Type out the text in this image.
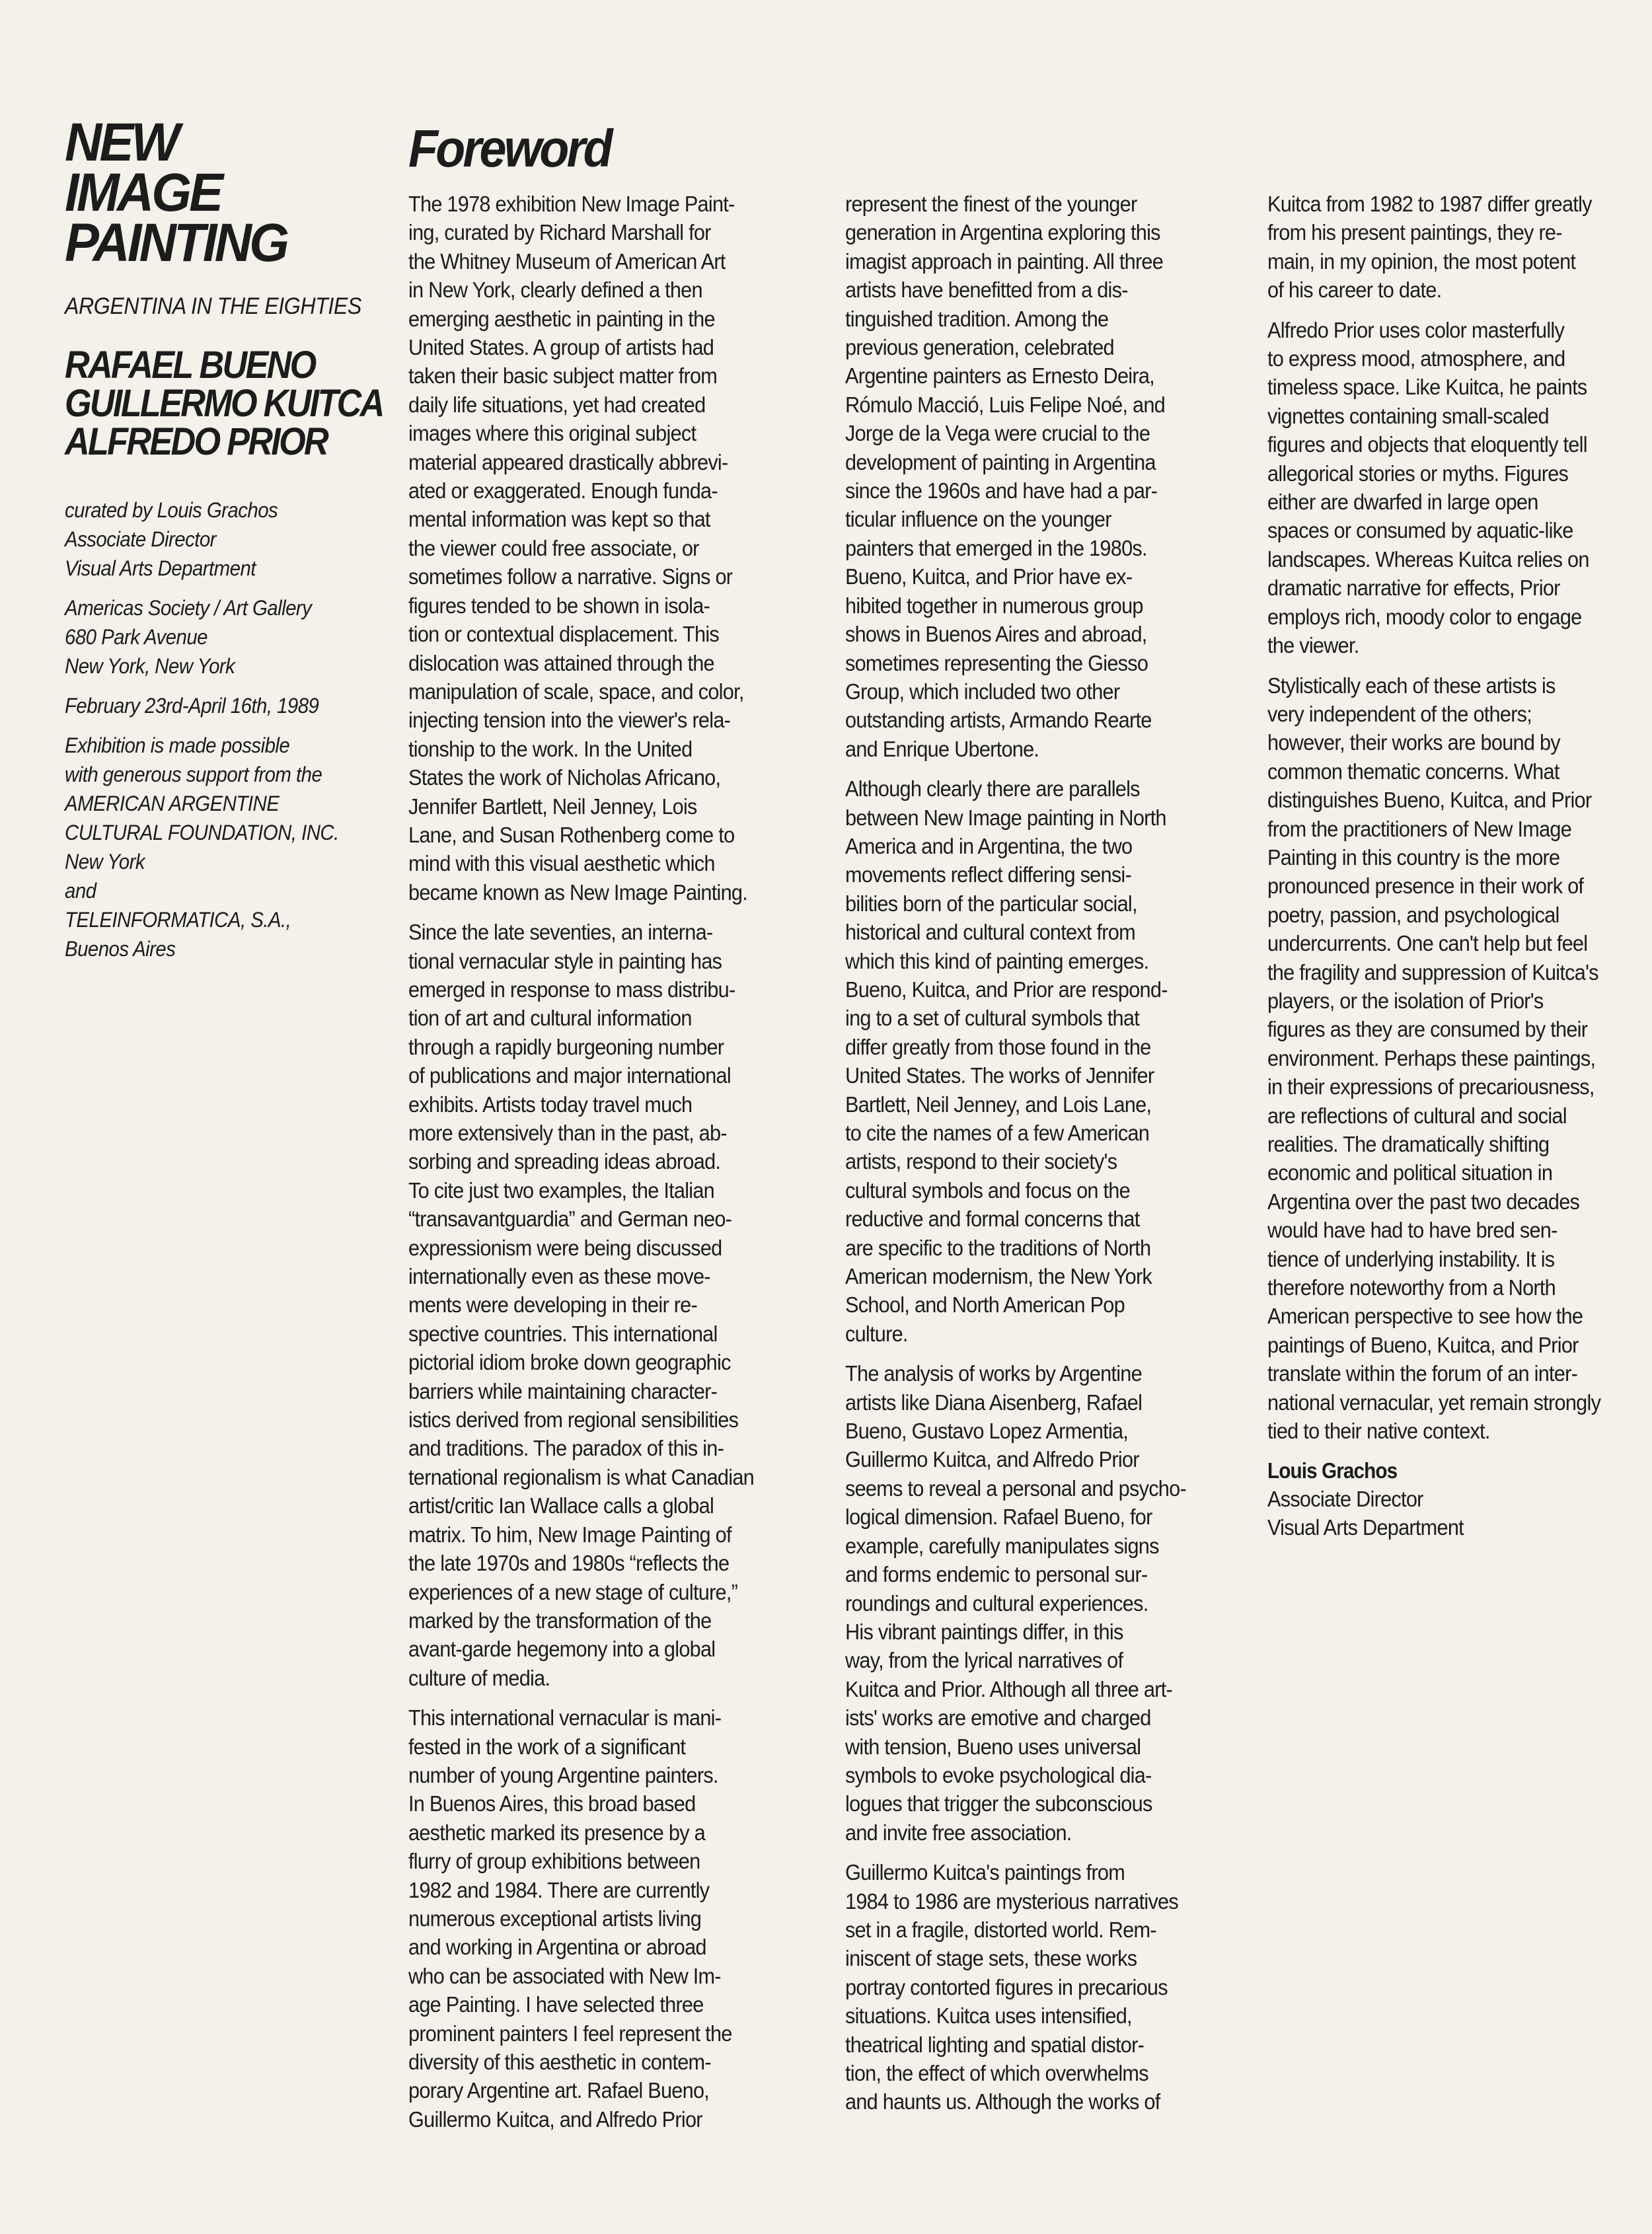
NEW
IMAGE
PAINTING

ARGENTINA IN THE EIGHTIES

RAFAEL BUENO
GUILLERMO KUITCA
ALFREDO PRIOR

curated by Louis Grachos
Associate Director
Visual Arts Department

Americas Society / Art Gallery
680 Park Avenue
New York, New York

February 23rd-April 16th, 1989

Exhibition is made possible
with generous support from the
AMERICAN ARGENTINE
CULTURAL FOUNDATION, INC.
New York
and
TELEINFORMATICA, S.A.,
Buenos Aires

Foreword

The 1978 exhibition New Image Paint-
ing, curated by Richard Marshall for
the Whitney Museum of American Art
in New York, clearly defined a then
emerging aesthetic in painting in the
United States. A group of artists had
taken their basic subject matter from
daily life situations, yet had created
images where this original subject
material appeared drastically abbrevi-
ated or exaggerated. Enough funda-
mental information was kept so that
the viewer could free associate, or
sometimes follow a narrative. Signs or
figures tended to be shown in isola-
tion or contextual displacement. This
dislocation was attained through the
manipulation of scale, space, and color,
injecting tension into the viewer's rela-
tionship to the work. In the United
States the work of Nicholas Africano,
Jennifer Bartlett, Neil Jenney, Lois
Lane, and Susan Rothenberg come to
mind with this visual aesthetic which
became known as New Image Painting.

Since the late seventies, an interna-
tional vernacular style in painting has
emerged in response to mass distribu-
tion of art and cultural information
through a rapidly burgeoning number
of publications and major international
exhibits. Artists today travel much
more extensively than in the past, ab-
sorbing and spreading ideas abroad.
To cite just two examples, the Italian
“transavantguardia” and German neo-
expressionism were being discussed
internationally even as these move-
ments were developing in their re-
spective countries. This international
pictorial idiom broke down geographic
barriers while maintaining character-
istics derived from regional sensibilities
and traditions. The paradox of this in-
ternational regionalism is what Canadian
artist/critic Ian Wallace calls a global
matrix. To him, New Image Painting of
the late 1970s and 1980s “reflects the
experiences of a new stage of culture,”
marked by the transformation of the
avant-garde hegemony into a global
culture of media.

This international vernacular is mani-
fested in the work of a significant
number of young Argentine painters.
In Buenos Aires, this broad based
aesthetic marked its presence by a
flurry of group exhibitions between
1982 and 1984. There are currently
numerous exceptional artists living
and working in Argentina or abroad
who can be associated with New Im-
age Painting. I have selected three
prominent painters I feel represent the
diversity of this aesthetic in contem-
porary Argentine art. Rafael Bueno,
Guillermo Kuitca, and Alfredo Prior

represent the finest of the younger
generation in Argentina exploring this
imagist approach in painting. All three
artists have benefitted from a dis-
tinguished tradition. Among the
previous generation, celebrated
Argentine painters as Ernesto Deira,
Rómulo Macció, Luis Felipe Noé, and
Jorge de la Vega were crucial to the
development of painting in Argentina
since the 1960s and have had a par-
ticular influence on the younger
painters that emerged in the 1980s.
Bueno, Kuitca, and Prior have ex-
hibited together in numerous group
shows in Buenos Aires and abroad,
sometimes representing the Giesso
Group, which included two other
outstanding artists, Armando Rearte
and Enrique Ubertone.

Although clearly there are parallels
between New Image painting in North
America and in Argentina, the two
movements reflect differing sensi-
bilities born of the particular social,
historical and cultural context from
which this kind of painting emerges.
Bueno, Kuitca, and Prior are respond-
ing to a set of cultural symbols that
differ greatly from those found in the
United States. The works of Jennifer
Bartlett, Neil Jenney, and Lois Lane,
to cite the names of a few American
artists, respond to their society's
cultural symbols and focus on the
reductive and formal concerns that
are specific to the traditions of North
American modernism, the New York
School, and North American Pop
culture.

The analysis of works by Argentine
artists like Diana Aisenberg, Rafael
Bueno, Gustavo Lopez Armentia,
Guillermo Kuitca, and Alfredo Prior
seems to reveal a personal and psycho-
logical dimension. Rafael Bueno, for
example, carefully manipulates signs
and forms endemic to personal sur-
roundings and cultural experiences.
His vibrant paintings differ, in this
way, from the lyrical narratives of
Kuitca and Prior. Although all three art-
ists' works are emotive and charged
with tension, Bueno uses universal
symbols to evoke psychological dia-
logues that trigger the subconscious
and invite free association.

Guillermo Kuitca's paintings from
1984 to 1986 are mysterious narratives
set in a fragile, distorted world. Rem-
iniscent of stage sets, these works
portray contorted figures in precarious
situations. Kuitca uses intensified,
theatrical lighting and spatial distor-
tion, the effect of which overwhelms
and haunts us. Although the works of

Kuitca from 1982 to 1987 differ greatly
from his present paintings, they re-
main, in my opinion, the most potent
of his career to date.

Alfredo Prior uses color masterfully
to express mood, atmosphere, and
timeless space. Like Kuitca, he paints
vignettes containing small-scaled
figures and objects that eloquently tell
allegorical stories or myths. Figures
either are dwarfed in large open
spaces or consumed by aquatic-like
landscapes. Whereas Kuitca relies on
dramatic narrative for effects, Prior
employs rich, moody color to engage
the viewer.

Stylistically each of these artists is
very independent of the others;
however, their works are bound by
common thematic concerns. What
distinguishes Bueno, Kuitca, and Prior
from the practitioners of New Image
Painting in this country is the more
pronounced presence in their work of
poetry, passion, and psychological
undercurrents. One can't help but feel
the fragility and suppression of Kuitca's
players, or the isolation of Prior's
figures as they are consumed by their
environment. Perhaps these paintings,
in their expressions of precariousness,
are reflections of cultural and social
realities. The dramatically shifting
economic and political situation in
Argentina over the past two decades
would have had to have bred sen-
tience of underlying instability. It is
therefore noteworthy from a North
American perspective to see how the
paintings of Bueno, Kuitca, and Prior
translate within the forum of an inter-
national vernacular, yet remain strongly
tied to their native context.

Louis Grachos
Associate Director
Visual Arts Department
